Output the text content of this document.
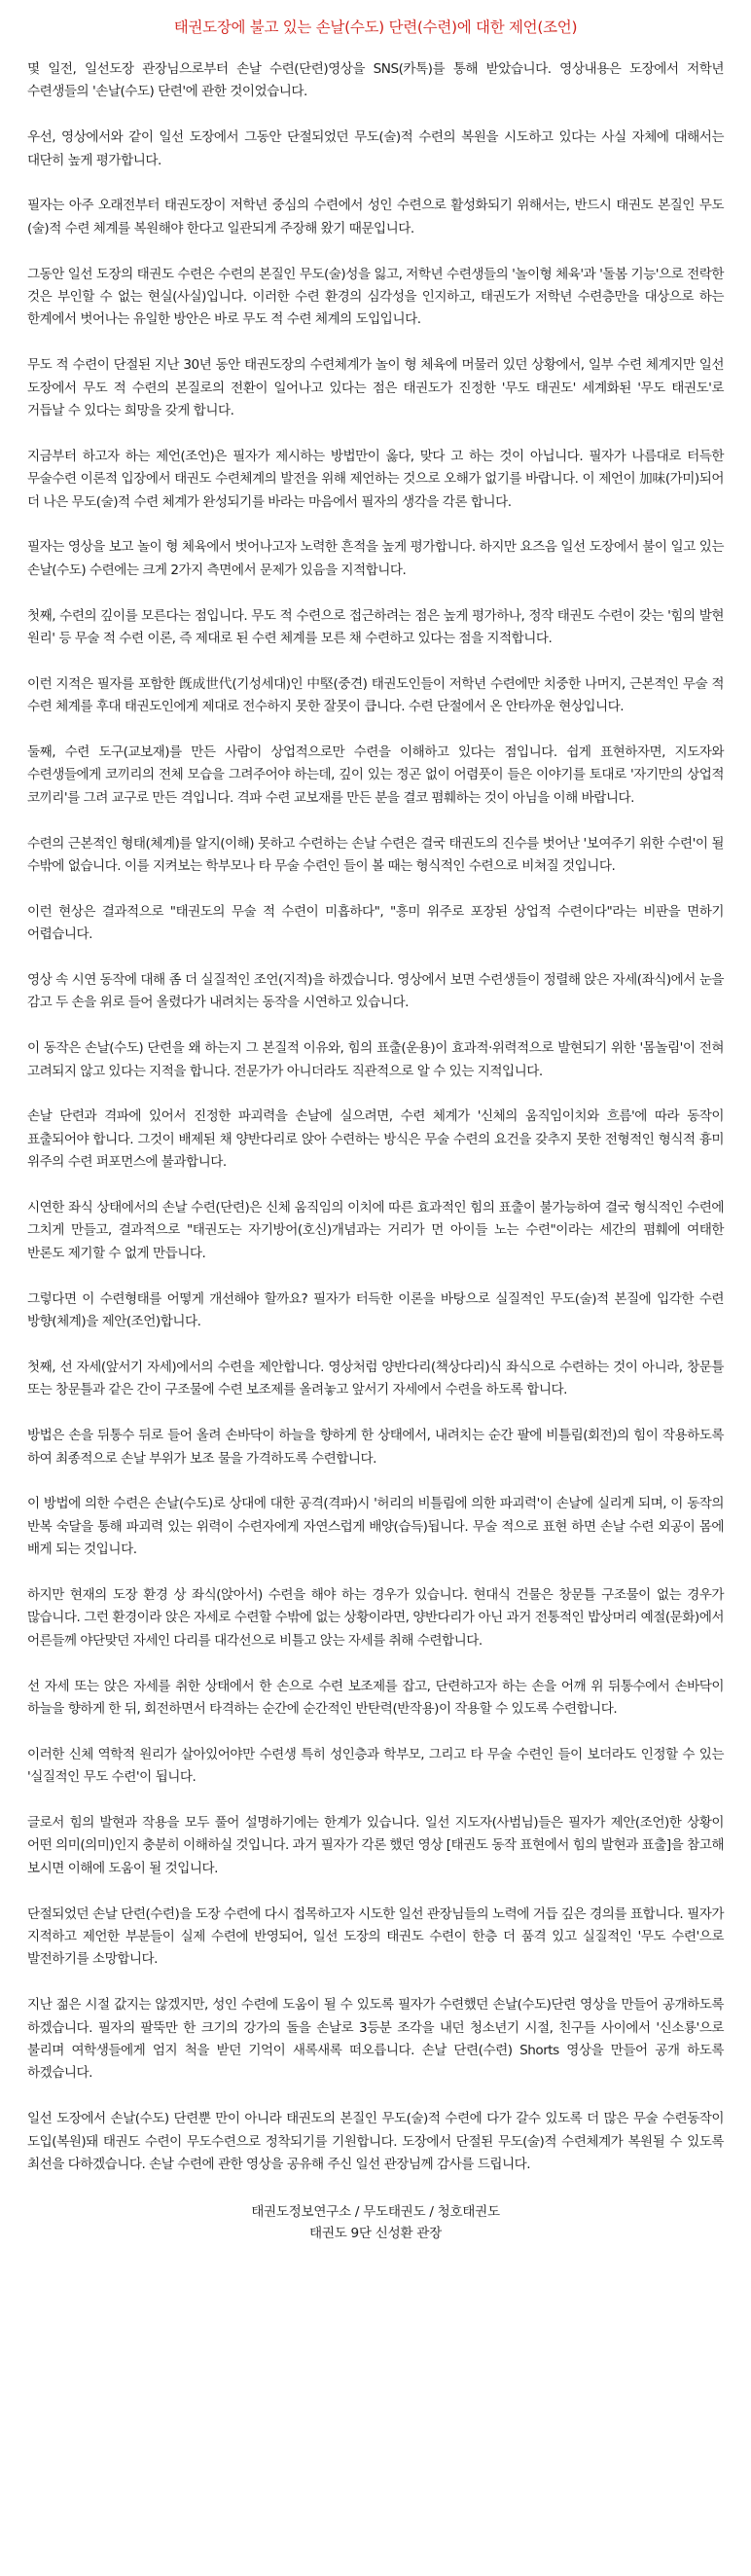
태권도장에 불고 있는 손날(수도) 단련(수련)에 대한 제언(조언)

몇 일전, 일선도장 관장님으로부터 손날 수련(단련)영상을 SNS(카톡)를 통해 받았습니다. 영상내용은 도장에서 저학년 수련생들의 '손날(수도) 단련'에 관한 것이었습니다.

우선, 영상에서와 같이 일선 도장에서 그동안 단절되었던 무도(술)적 수련의 복원을 시도하고 있다는 사실 자체에 대해서는 대단히 높게 평가합니다.

필자는 아주 오래전부터 태권도장이 저학년 중심의 수련에서 성인 수련으로 활성화되기 위해서는, 반드시 태권도 본질인 무도(술)적 수련 체계를 복원해야 한다고 일관되게 주장해 왔기 때문입니다.

그동안 일선 도장의 태권도 수련은 수련의 본질인 무도(술)성을 잃고, 저학년 수련생들의 '놀이형 체육'과 '돌봄 기능'으로 전락한 것은 부인할 수 없는 현실(사실)입니다. 이러한 수련 환경의 심각성을 인지하고, 태권도가 저학년 수련층만을 대상으로 하는 한계에서 벗어나는 유일한 방안은 바로 무도 적 수련 체계의 도입입니다.

무도 적 수련이 단절된 지난 30년 동안 태권도장의 수련체계가 놀이 형 체육에 머물러 있던 상황에서, 일부 수련 체계지만 일선 도장에서 무도 적 수련의 본질로의 전환이 일어나고 있다는 점은 태권도가 진정한 '무도 태권도' 세계화된 '무도 태권도'로 거듭날 수 있다는 희망을 갖게 합니다.

지금부터 하고자 하는 제언(조언)은 필자가 제시하는 방법만이 옳다, 맞다 고 하는 것이 아닙니다. 필자가 나름대로 터득한 무술수련 이론적 입장에서 태권도 수련체계의 발전을 위해 제언하는 것으로 오해가 없기를 바랍니다. 이 제언이 加味(가미)되어 더 나은 무도(술)적 수련 체계가 완성되기를 바라는 마음에서 필자의 생각을 각론 합니다.

필자는 영상을 보고 놀이 형 체육에서 벗어나고자 노력한 흔적을 높게 평가합니다. 하지만 요즈음 일선 도장에서 불이 일고 있는 손날(수도) 수련에는 크게 2가지 측면에서 문제가 있음을 지적합니다.

첫째, 수련의 깊이를 모른다는 점입니다. 무도 적 수련으로 접근하려는 점은 높게 평가하나, 정작 태권도 수련이 갖는 '힘의 발현 원리' 등 무술 적 수련 이론, 즉 제대로 된 수련 체계를 모른 채 수련하고 있다는 점을 지적합니다.

이런 지적은 필자를 포함한 旣成世代(기성세대)인 中堅(중견) 태권도인들이 저학년 수련에만 치중한 나머지, 근본적인 무술 적 수련 체계를 후대 태권도인에게 제대로 전수하지 못한 잘못이 큽니다. 수련 단절에서 온 안타까운 현상입니다.

둘째, 수련 도구(교보재)를 만든 사람이 상업적으로만 수련을 이해하고 있다는 점입니다. 쉽게 표현하자면, 지도자와 수련생들에게 코끼리의 전체 모습을 그려주어야 하는데, 깊이 있는 정곤 없이 어렴풋이 들은 이야기를 토대로 '자기만의 상업적 코끼리'를 그려 교구로 만든 격입니다. 격파 수련 교보재를 만든 분을 결코 폄훼하는 것이 아님을 이해 바랍니다.

수련의 근본적인 형태(체계)를 알지(이해) 못하고 수련하는 손날 수련은 결국 태권도의 진수를 벗어난 '보여주기 위한 수련'이 될 수밖에 없습니다. 이를 지켜보는 학부모나 타 무술 수련인 들이 볼 때는 형식적인 수련으로 비쳐질 것입니다.

이런 현상은 결과적으로 "태권도의 무술 적 수련이 미흡하다", "흥미 위주로 포장된 상업적 수련이다"라는 비판을 면하기 어렵습니다.

영상 속 시연 동작에 대해 좀 더 실질적인 조언(지적)을 하겠습니다. 영상에서 보면 수련생들이 정렬해 앉은 자세(좌식)에서 눈을 감고 두 손을 위로 들어 올렸다가 내려치는 동작을 시연하고 있습니다.

이 동작은 손날(수도) 단련을 왜 하는지 그 본질적 이유와, 힘의 표출(운용)이 효과적·위력적으로 발현되기 위한 '몸놀림'이 전혀 고려되지 않고 있다는 지적을 합니다. 전문가가 아니더라도 직관적으로 알 수 있는 지적입니다.

손날 단련과 격파에 있어서 진정한 파괴력을 손날에 실으려면, 수련 체계가 '신체의 움직임이치와 흐름'에 따라 동작이 표출되어야 합니다. 그것이 배제된 채 양반다리로 앉아 수련하는 방식은 무술 수련의 요건을 갖추지 못한 전형적인 형식적 흉미 위주의 수련 퍼포먼스에 불과합니다.

시연한 좌식 상태에서의 손날 수련(단련)은 신체 움직임의 이치에 따른 효과적인 힘의 표출이 불가능하여 결국 형식적인 수련에 그치게 만들고, 결과적으로 "태권도는 자기방어(호신)개념과는 거리가 먼 아이들 노는 수련"이라는 세간의 폄훼에 여태한 반론도 제기할 수 없게 만듭니다.

그렇다면 이 수련형태를 어떻게 개선해야 할까요? 필자가 터득한 이론을 바탕으로 실질적인 무도(술)적 본질에 입각한 수련 방향(체계)을 제안(조언)합니다.

첫째, 선 자세(앞서기 자세)에서의 수련을 제안합니다. 영상처럼 양반다리(책상다리)식 좌식으로 수련하는 것이 아니라, 창문틀 또는 창문틀과 같은 간이 구조물에 수련 보조제를 올려놓고 앞서기 자세에서 수련을 하도록 합니다.

방법은 손을 뒤통수 뒤로 들어 올려 손바닥이 하늘을 향하게 한 상태에서, 내려치는 순간 팔에 비틀림(회전)의 힘이 작용하도록 하여 최종적으로 손날 부위가 보조 물을 가격하도록 수련합니다.

이 방법에 의한 수련은 손날(수도)로 상대에 대한 공격(격파)시 '허리의 비틀림에 의한 파괴력'이 손날에 실리게 되며, 이 동작의 반복 숙달을 통해 파괴력 있는 위력이 수련자에게 자연스럽게 배양(습득)됩니다. 무술 적으로 표현 하면 손날 수련 외공이 몸에 배게 되는 것입니다.

하지만 현재의 도장 환경 상 좌식(앉아서) 수련을 해야 하는 경우가 있습니다. 현대식 건물은 창문틀 구조물이 없는 경우가 많습니다. 그런 환경이라 앉은 자세로 수련할 수밖에 없는 상황이라면, 양반다리가 아닌 과거 전통적인 밥상머리 예절(문화)에서 어른들께 야단맞던 자세인 다리를 대각선으로 비틀고 앉는 자세를 취해 수련합니다.

선 자세 또는 앉은 자세를 취한 상태에서 한 손으로 수련 보조제를 잡고, 단련하고자 하는 손을 어깨 위 뒤통수에서 손바닥이 하늘을 향하게 한 뒤, 회전하면서 타격하는 순간에 순간적인 반탄력(반작용)이 작용할 수 있도록 수련합니다.

이러한 신체 역학적 원리가 살아있어야만 수련생 특히 성인층과 학부모, 그리고 타 무술 수련인 들이 보더라도 인정할 수 있는 '실질적인 무도 수련'이 됩니다.

글로서 힘의 발현과 작용을 모두 풀어 설명하기에는 한계가 있습니다. 일선 지도자(사범님)들은 필자가 제안(조언)한 상황이 어떤 의미(의미)인지 충분히 이해하실 것입니다. 과거 필자가 각론 했던 영상 [태권도 동작 표현에서 힘의 발현과 표출]을 참고해 보시면 이해에 도움이 될 것입니다.

단절되었던 손날 단련(수련)을 도장 수련에 다시 접목하고자 시도한 일선 관장님들의 노력에 거듭 깊은 경의를 표합니다. 필자가 지적하고 제언한 부분들이 실제 수련에 반영되어, 일선 도장의 태권도 수련이 한층 더 품격 있고 실질적인 '무도 수련'으로 발전하기를 소망합니다.

지난 젊은 시절 값지는 않겠지만, 성인 수련에 도움이 될 수 있도록 필자가 수련했던 손날(수도)단련 영상을 만들어 공개하도록 하겠습니다. 필자의 팔뚝만 한 크기의 강가의 돌을 손날로 3등분 조각을 내던 청소년기 시절, 친구들 사이에서 '신소룡'으로 불리며 여학생들에게 엄지 척을 받던 기억이 새록새록 떠오릅니다. 손날 단련(수련) Shorts 영상을 만들어 공개 하도록 하겠습니다.

일선 도장에서 손날(수도) 단련뿐 만이 아니라 태권도의 본질인 무도(술)적 수련에 다가 갈수 있도록 더 많은 무술 수련동작이 도입(복원)돼 태권도 수련이 무도수련으로 정착되기를 기원합니다. 도장에서 단절된 무도(술)적 수련체계가 복원될 수 있도록 최선을 다하겠습니다. 손날 수련에 관한 영상을 공유해 주신 일선 관장님께 감사를 드립니다.

태권도정보연구소 / 무도태권도 / 청호태권도
태권도 9단 신성환 관장
